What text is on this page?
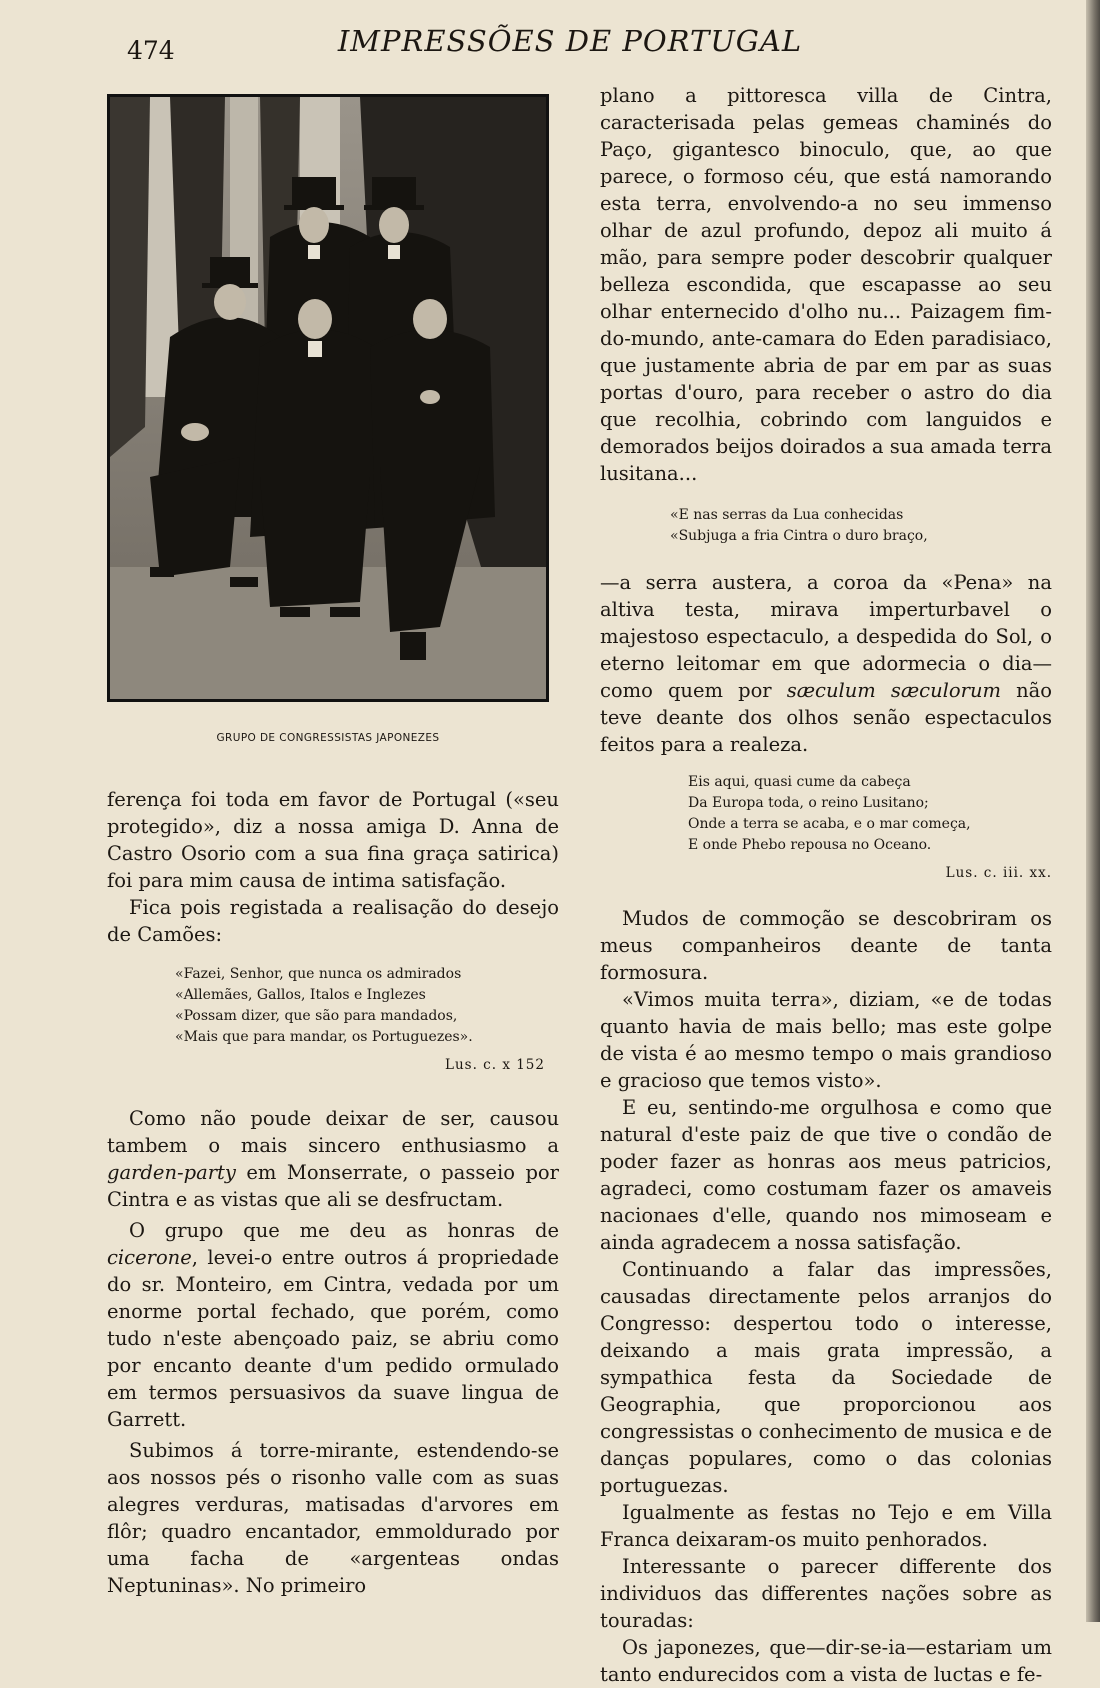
474	IMPRESSÕES DE PORTUGAL
GRUPO DE CONGRESSISTAS JAPONEZES

ferença foi toda em favor de Portugal («seu protegido», diz a nossa amiga D. Anna de Castro Osorio com a sua fina graça satirica) foi para mim causa de intima satisfação.

Fica pois registada a realisação do desejo de Camões:

«Fazei, Senhor, que nunca os admirados
«Allemães, Gallos, Italos e Inglezes
«Possam dizer, que são para mandados,
«Mais que para mandar, os Portuguezes».
Lus. c. x 152

Como não poude deixar de ser, causou tambem o mais sincero enthusiasmo a garden-party em Monserrate, o passeio por Cintra e as vistas que ali se desfructam.

O grupo que me deu as honras de cicerone, levei-o entre outros á propriedade do sr. Monteiro, em Cintra, vedada por um enorme portal fechado, que porém, como tudo n'este abençoado paiz, se abriu como por encanto deante d'um pedido ormulado em termos persuasivos da suave lingua de Garrett.

Subimos á torre-mirante, estendendo-se aos nossos pés o risonho valle com as suas alegres verduras, matisadas d'arvores em flôr; quadro encantador, emmoldurado por uma facha de «argenteas ondas Neptuninas». No primeiro

plano a pittoresca villa de Cintra, caracterisada pelas gemeas chaminés do Paço, gigantesco binoculo, que, ao que parece, o formoso céu, que está namorando esta terra, envolvendo-a no seu immenso olhar de azul profundo, depoz ali muito á mão, para sempre poder descobrir qualquer belleza escondida, que escapasse ao seu olhar enternecido d'olho nu... Paizagem fim-do-mundo, ante-camara do Eden paradisiaco, que justamente abria de par em par as suas portas d'ouro, para receber o astro do dia que recolhia, cobrindo com languidos e demorados beijos doirados a sua amada terra lusitana...

«E nas serras da Lua conhecidas
«Subjuga a fria Cintra o duro braço,

—a serra austera, a coroa da «Pena» na altiva testa, mirava imperturbavel o majestoso espectaculo, a despedida do Sol, o eterno leitomar em que adormecia o dia—como quem por sæculum sæculorum não teve deante dos olhos senão espectaculos feitos para a realeza.

Eis aqui, quasi cume da cabeça
Da Europa toda, o reino Lusitano;
Onde a terra se acaba, e o mar começa,
E onde Phebo repousa no Oceano.
Lus. c. iii. xx.

Mudos de commoção se descobriram os meus companheiros deante de tanta formosura.

«Vimos muita terra», diziam, «e de todas quanto havia de mais bello; mas este golpe de vista é ao mesmo tempo o mais grandioso e gracioso que temos visto».

E eu, sentindo-me orgulhosa e como que natural d'este paiz de que tive o condão de poder fazer as honras aos meus patricios, agradeci, como costumam fazer os amaveis nacionaes d'elle, quando nos mimoseam e ainda agradecem a nossa satisfação.

Continuando a falar das impressões, causadas directamente pelos arranjos do Congresso: despertou todo o interesse, deixando a mais grata impressão, a sympathica festa da Sociedade de Geographia, que proporcionou aos congressistas o conhecimento de musica e de danças populares, como o das colonias portuguezas.

Igualmente as festas no Tejo e em Villa Franca deixaram-os muito penhorados.

Interessante o parecer differente dos individuos das differentes nações sobre as touradas:

Os japonezes, que—dir-se-ia—estariam um tanto endurecidos com a vista de luctas e fe-
